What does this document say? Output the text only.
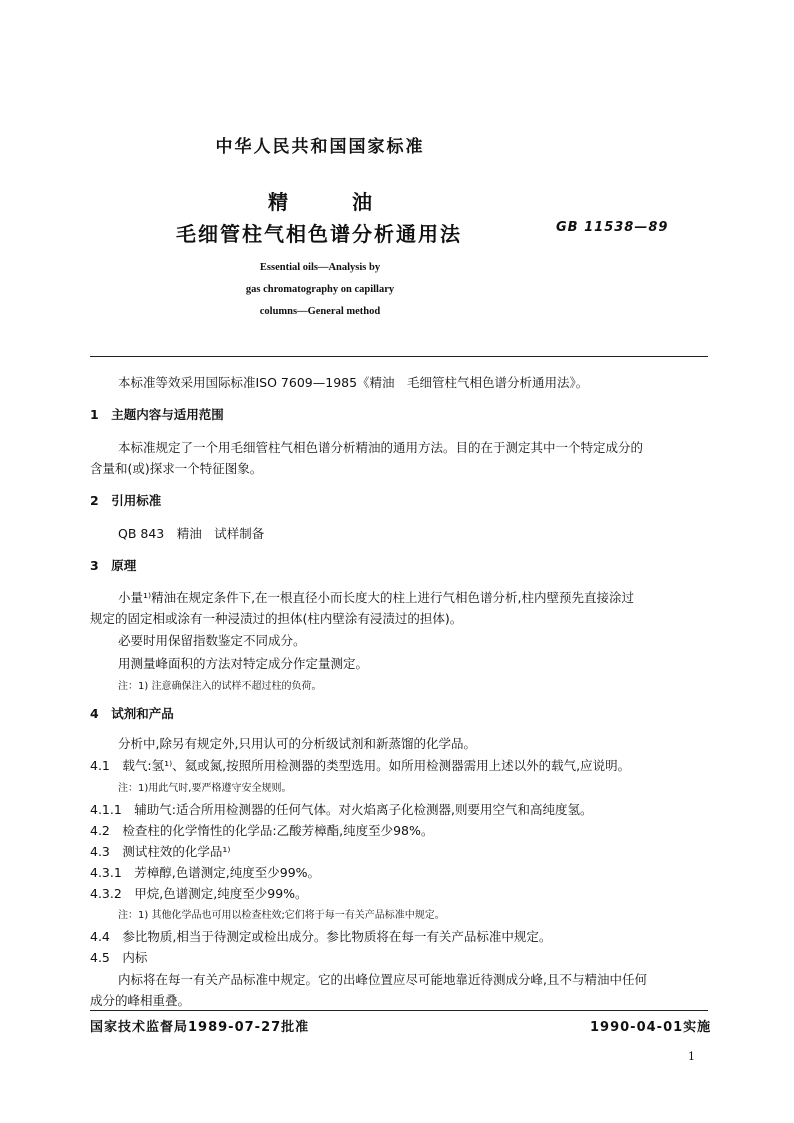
中华人民共和国国家标准
精油
毛细管柱气相色谱分析通用法	GB 11538—89
Essential oils—Analysis by
gas chromatography on capillary
columns—General method
本标准等效采用国际标准ISO 7609—1985《精油　毛细管柱气相色谱分析通用法》。
1　主题内容与适用范围
本标准规定了一个用毛细管柱气相色谱分析精油的通用方法。目的在于测定其中一个特定成分的
含量和(或)探求一个特征图象。
2　引用标准
QB 843　精油　试样制备
3　原理
小量¹⁾精油在规定条件下,在一根直径小而长度大的柱上进行气相色谱分析,柱内壁预先直接涂过
规定的固定相或涂有一种浸渍过的担体(柱内壁涂有浸渍过的担体)。
必要时用保留指数鉴定不同成分。
用测量峰面积的方法对特定成分作定量测定。
注：1) 注意确保注入的试样不超过柱的负荷。
4　试剂和产品
分析中,除另有规定外,只用认可的分析级试剂和新蒸馏的化学品。
4.1　载气:氢¹⁾、氦或氮,按照所用检测器的类型选用。如所用检测器需用上述以外的载气,应说明。
注：1)用此气时,要严格遵守安全规则。
4.1.1　辅助气:适合所用检测器的任何气体。对火焰离子化检测器,则要用空气和高纯度氢。
4.2　检查柱的化学惰性的化学品:乙酸芳樟酯,纯度至少98%。
4.3　测试柱效的化学品¹⁾
4.3.1　芳樟醇,色谱测定,纯度至少99%。
4.3.2　甲烷,色谱测定,纯度至少99%。
注：1) 其他化学品也可用以检查柱效;它们将于每一有关产品标准中规定。
4.4　参比物质,相当于待测定或检出成分。参比物质将在每一有关产品标准中规定。
4.5　内标
内标将在每一有关产品标准中规定。它的出峰位置应尽可能地靠近待测成分峰,且不与精油中任何
成分的峰相重叠。
国家技术监督局1989-07-27批准	1990-04-01实施
1
